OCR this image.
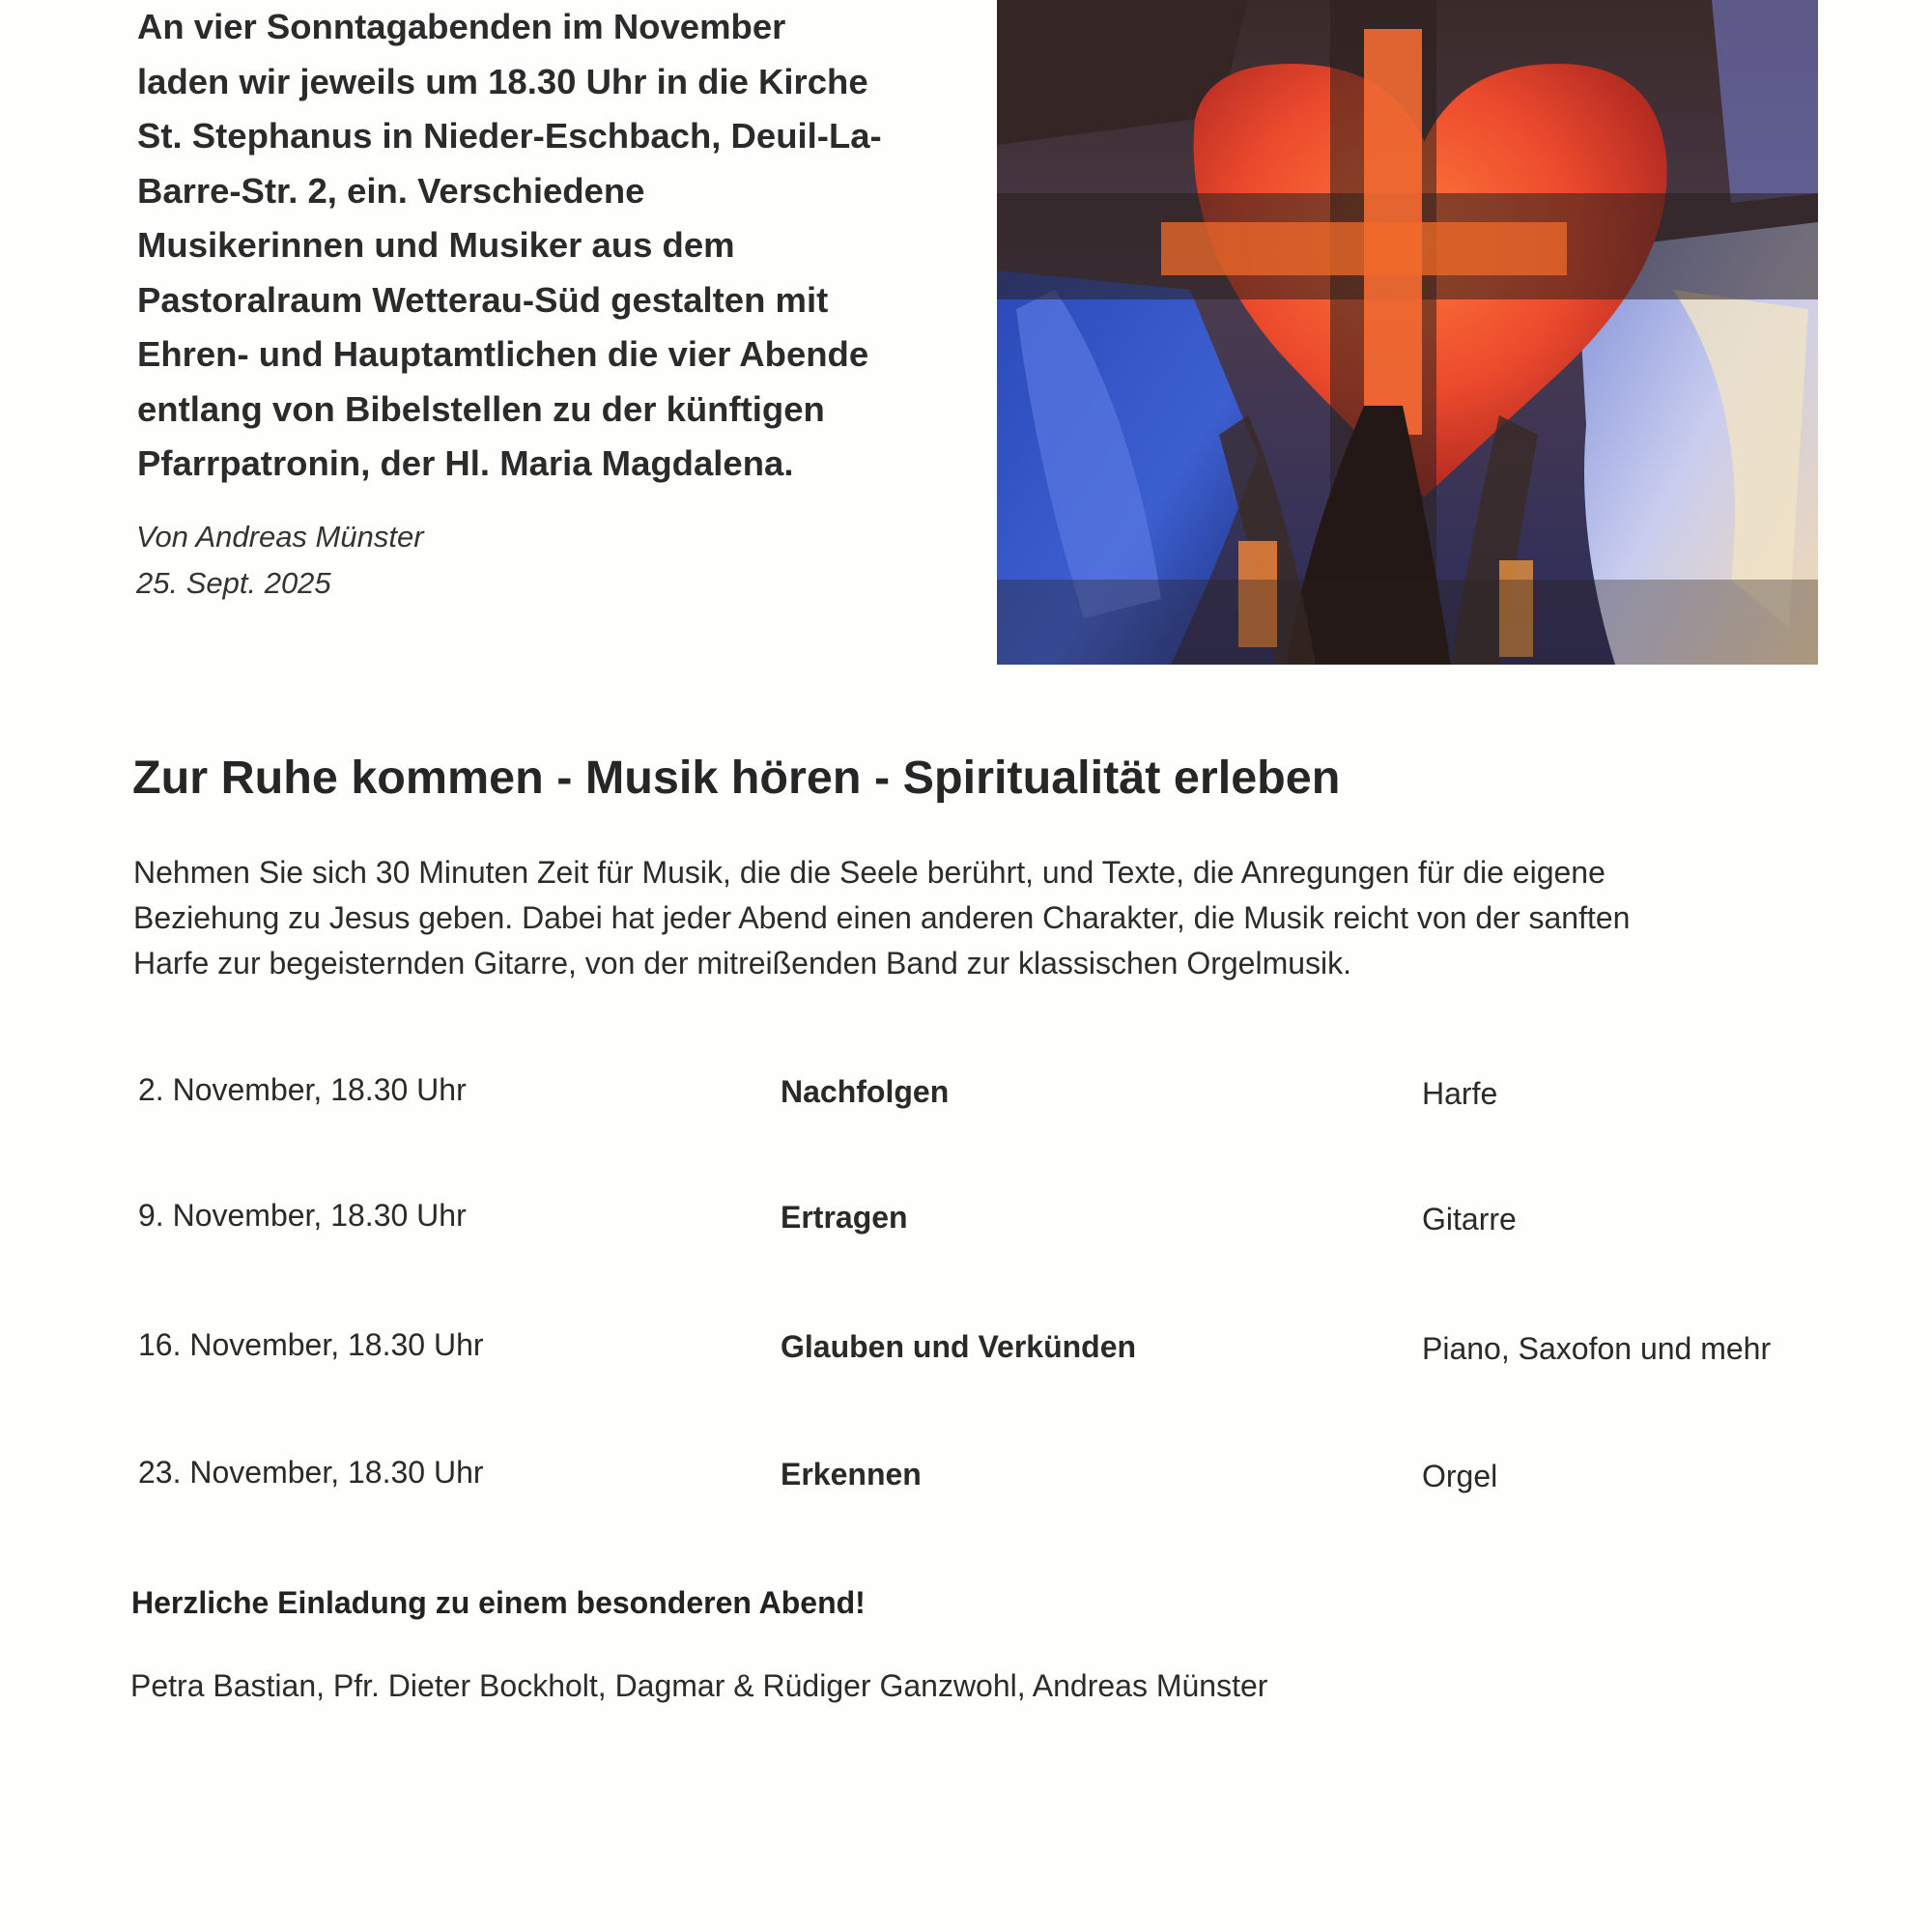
An vier Sonntagabenden im November
laden wir jeweils um 18.30 Uhr in die Kirche
St. Stephanus in Nieder-Eschbach, Deuil-La-
Barre-Str. 2, ein. Verschiedene
Musikerinnen und Musiker aus dem
Pastoralraum Wetterau-Süd gestalten mit
Ehren- und Hauptamtlichen die vier Abende
entlang von Bibelstellen zu der künftigen
Pfarrpatronin, der Hl. Maria Magdalena.
Von Andreas Münster
25. Sept. 2025
Zur Ruhe kommen - Musik hören - Spiritualität erleben
Nehmen Sie sich 30 Minuten Zeit für Musik, die die Seele berührt, und Texte, die Anregungen für die eigene
Beziehung zu Jesus geben. Dabei hat jeder Abend einen anderen Charakter, die Musik reicht von der sanften
Harfe zur begeisternden Gitarre, von der mitreißenden Band zur klassischen Orgelmusik.
2. November, 18.30 Uhr	Nachfolgen	Harfe
9. November, 18.30 Uhr	Ertragen	Gitarre
16. November, 18.30 Uhr	Glauben und Verkünden	Piano, Saxofon und mehr
23. November, 18.30 Uhr	Erkennen	Orgel
Herzliche Einladung zu einem besonderen Abend!
Petra Bastian, Pfr. Dieter Bockholt, Dagmar & Rüdiger Ganzwohl, Andreas Münster
